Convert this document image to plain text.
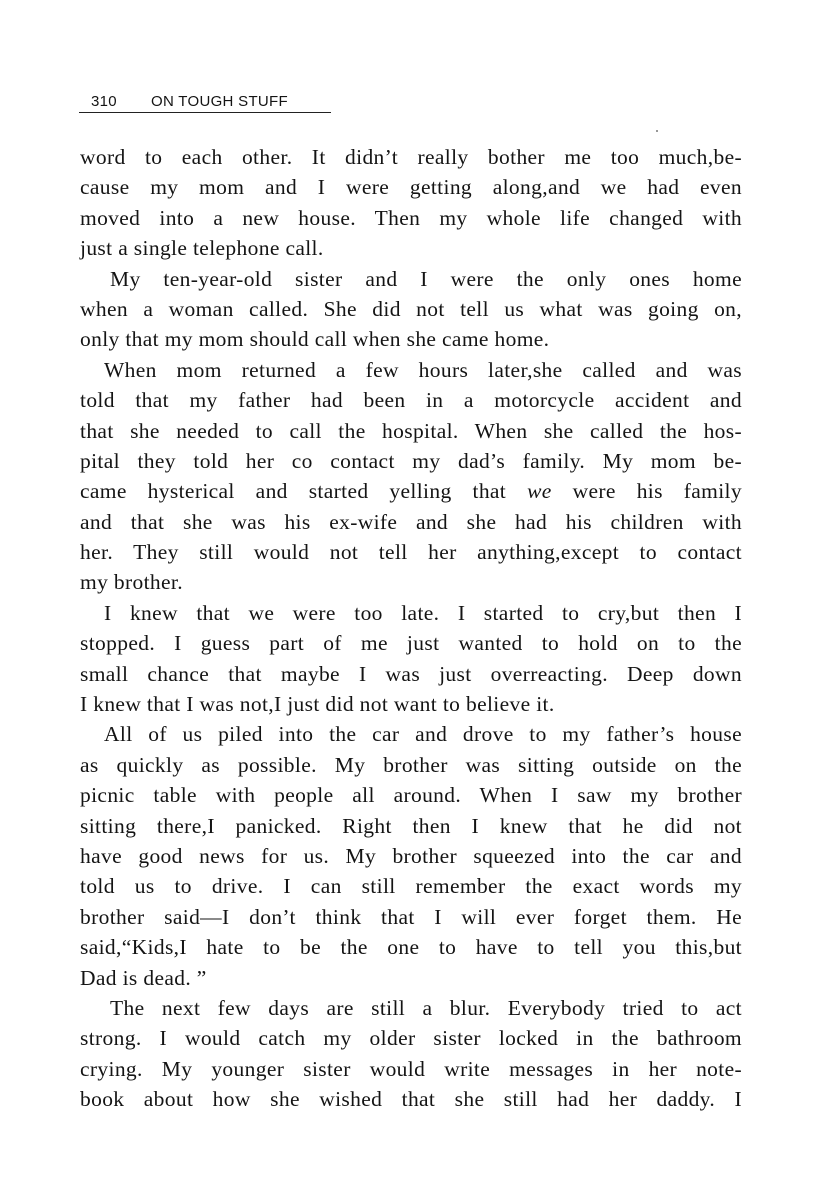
310 ON TOUGH STUFF
word to each other. It didn’t really bother me too much,be-
cause my mom and I were getting along,and we had even
moved into a new house. Then my whole life changed with
just a single telephone call.
My ten-year-old sister and I were the only ones home
when a woman called. She did not tell us what was going on,
only that my mom should call when she came home.
When mom returned a few hours later,she called and was
told that my father had been in a motorcycle accident and
that she needed to call the hospital. When she called the hos-
pital they told her co contact my dad’s family. My mom be-
came hysterical and started yelling that we were his family
and that she was his ex-wife and she had his children with
her. They still would not tell her anything,except to contact
my brother.
I knew that we were too late. I started to cry,but then I
stopped. I guess part of me just wanted to hold on to the
small chance that maybe I was just overreacting. Deep down
I knew that I was not,I just did not want to believe it.
All of us piled into the car and drove to my father’s house
as quickly as possible. My brother was sitting outside on the
picnic table with people all around. When I saw my brother
sitting there,I panicked. Right then I knew that he did not
have good news for us. My brother squeezed into the car and
told us to drive. I can still remember the exact words my
brother said—I don’t think that I will ever forget them. He
said,“Kids,I hate to be the one to have to tell you this,but
Dad is dead. ”
The next few days are still a blur. Everybody tried to act
strong. I would catch my older sister locked in the bathroom
crying. My younger sister would write messages in her note-
book about how she wished that she still had her daddy. I
